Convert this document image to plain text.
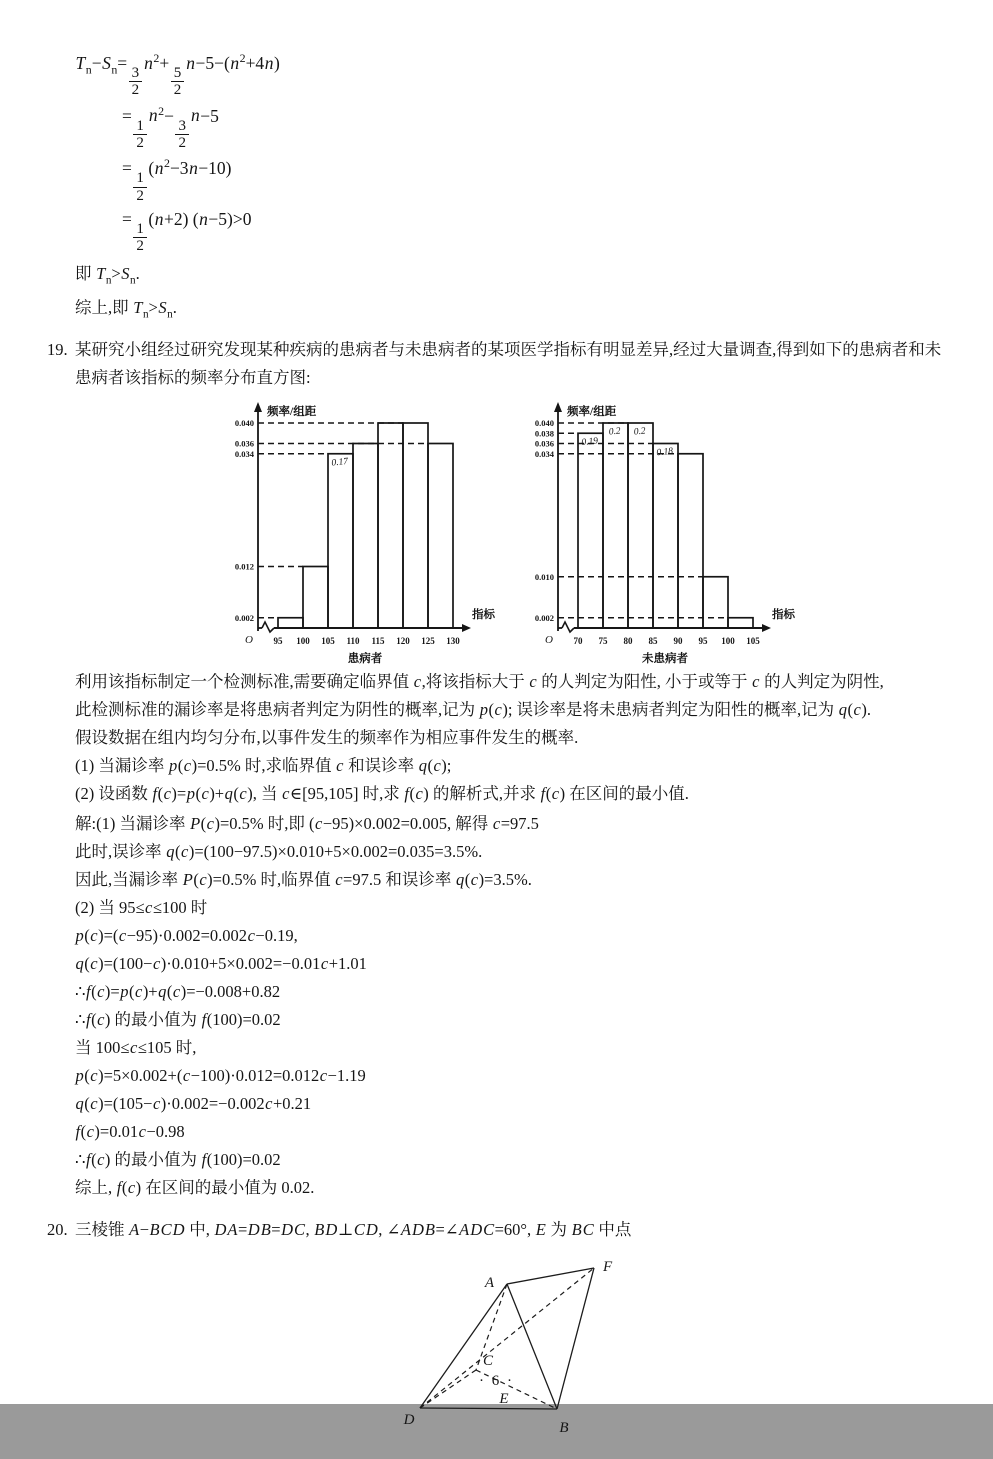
$T_n-S_n=$
$\frac{3}{2}$
$n^2+$
$\frac{5}{2}$
$n-5-(n^2+4n)$
=
$\frac{1}{2}$
$n^2-$
$\frac{3}{2}$
n−5
=
$\frac{1}{2}$
$(n^2-3n-10)$
=
$\frac{1}{2}$
(n+2) (n−5)>0
即 $T_n>S_n$.
综上,即 $T_n>S_n$.
19. 某研究小组经过研究发现某种疾病的患病者与未患病者的某项医学指标有明显差异,经过大量调查,得到如下的患病者和未患病者该指标的频率分布直方图:
频率/组距
指标
O
0.002
0.012
0.034
0.036
0.040
95 100 105 110 115 120 125 130
患病者
0.17
频率/组距
指标
O
0.002
0.010
0.034
0.036
0.038
0.040
70 75 80 85 90 95 100 105
未患病者
0.19
0.2 0.2
0.18
利用该指标制定一个检测标准,需要确定临界值 c,将该指标大于 c 的人判定为阳性, 小于或等于 c 的人判定为阴性,
此检测标准的漏诊率是将患病者判定为阴性的概率,记为 p(c); 误诊率是将未患病者判定为阳性的概率,记为 q(c).
假设数据在组内均匀分布,以事件发生的频率作为相应事件发生的概率.
(1) 当漏诊率 p(c)=0.5% 时,求临界值 c 和误诊率 q(c);
(2) 设函数 f(c)=p(c)+q(c), 当 c∈[95,105] 时,求 f(c) 的解析式,并求 f(c) 在区间的最小值.
解:(1) 当漏诊率 P(c)=0.5% 时,即 (c−95)×0.002=0.005, 解得 c=97.5
此时,误诊率 q(c)=(100−97.5)×0.010+5×0.002=0.035=3.5%.
因此,当漏诊率 P(c)=0.5% 时,临界值 c=97.5 和误诊率 q(c)=3.5%.
(2) 当 95≤c≤100 时
p(c)=(c−95)·0.002=0.002c−0.19,
q(c)=(100−c)·0.010+5×0.002=−0.01c+1.01
∴f(c)=p(c)+q(c)=−0.008+0.82
∴f(c) 的最小值为 f(100)=0.02
当 100≤c≤105 时,
p(c)=5×0.002+(c−100)·0.012=0.012c−1.19
q(c)=(105−c)·0.002=−0.002c+0.21
f(c)=0.01c−0.98
∴f(c) 的最小值为 f(100)=0.02
综上, f(c) 在区间的最小值为 0.02.
20. 三棱锥 A−BCD 中, DA=DB=DC, BD⊥CD, ∠ADB=∠ADC=60°, E 为 BC 中点
A
B
C
D
E
F
· 6 ·
